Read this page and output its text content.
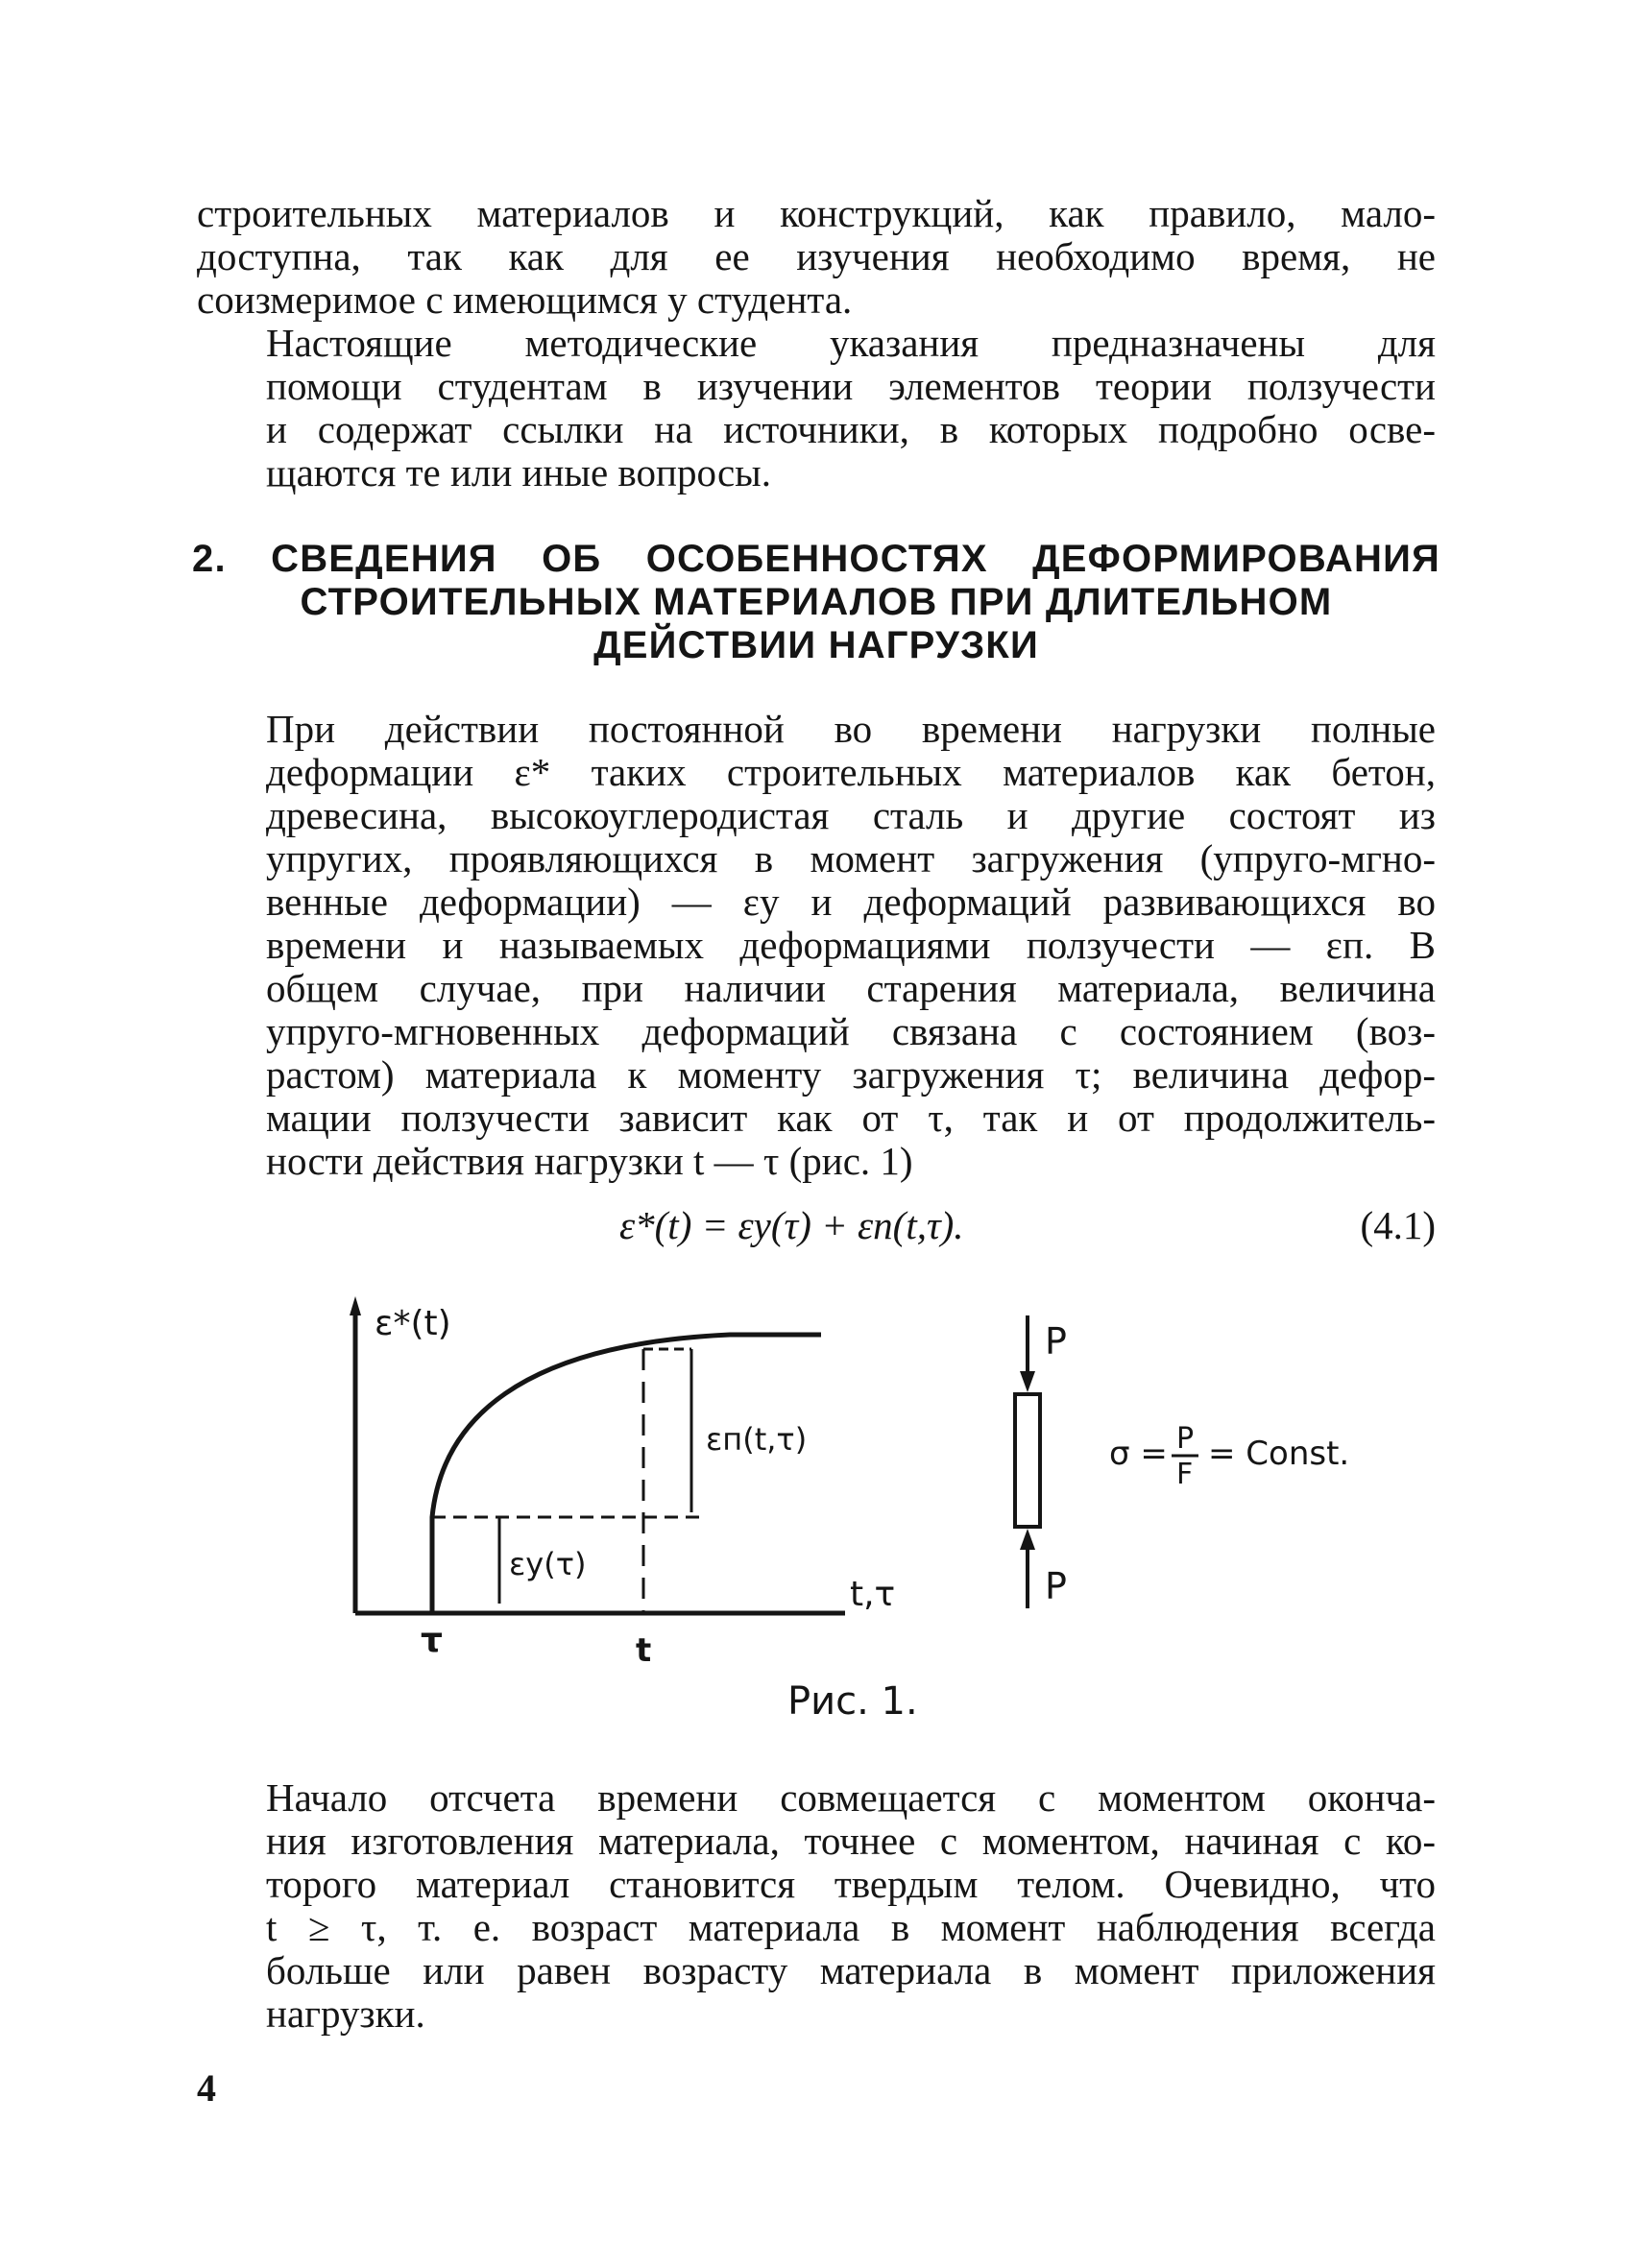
строительных материалов и конструкций, как правило, мало-
доступна, так как для ее изучения необходимо время, не
соизмеримое с имеющимся у студента.

Настоящие методические указания предназначены для
помощи студентам в изучении элементов теории ползучести
и содержат ссылки на источники, в которых подробно осве-
щаются те или иные вопросы.

2. СВЕДЕНИЯ ОБ ОСОБЕННОСТЯХ ДЕФОРМИРОВАНИЯ
СТРОИТЕЛЬНЫХ МАТЕРИАЛОВ ПРИ ДЛИТЕЛЬНОМ
ДЕЙСТВИИ НАГРУЗКИ

При действии постоянной во времени нагрузки полные
деформации ε* таких строительных материалов как бетон,
древесина, высокоуглеродистая сталь и другие состоят из
упругих, проявляющихся в момент загружения (упруго-мгно-
венные деформации) — εу и деформаций развивающихся во
времени и называемых деформациями ползучести — εп. В
общем случае, при наличии старения материала, величина
упруго-мгновенных деформаций связана с состоянием (воз-
растом) материала к моменту загружения τ; величина дефор-
мации ползучести зависит как от τ, так и от продолжитель-
ности действия нагрузки t — τ (рис. 1)

ε*(t) = εу(τ) + εп(t,τ).	(4.1)
ε*(t)
t,τ
εу(τ)
εп(t,τ)
τ	t
P
P
σ = P
F
= Const.
Рис. 1.

Начало отсчета времени совмещается с моментом оконча-
ния изготовления материала, точнее с моментом, начиная с ко-
торого материал становится твердым телом. Очевидно, что
t ≥ τ, т. е. возраст материала в момент наблюдения всегда
больше или равен возрасту материала в момент приложения
нагрузки.

4
